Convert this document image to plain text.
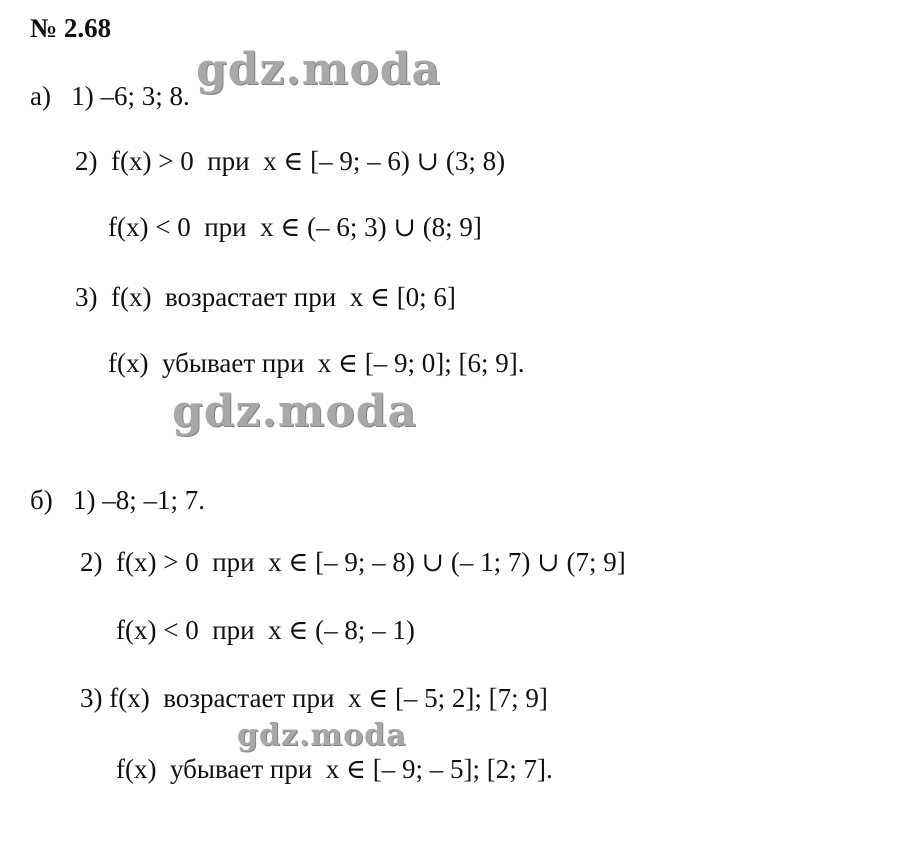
№ 2.68
gdz.moda
а)   1) –6; 3; 8.
2)  f(x) > 0  при  x ∈ [– 9; – 6) ∪ (3; 8)
f(x) < 0  при  x ∈ (– 6; 3) ∪ (8; 9]
3)  f(x)  возрастает при  x ∈ [0; 6]
f(x)  убывает при  x ∈ [– 9; 0]; [6; 9].
gdz.moda
б)   1) –8; –1; 7.
2)  f(x) > 0  при  x ∈ [– 9; – 8) ∪ (– 1; 7) ∪ (7; 9]
f(x) < 0  при  x ∈ (– 8; – 1)
3) f(x)  возрастает при  x ∈ [– 5; 2]; [7; 9]
gdz.moda
f(x)  убывает при  x ∈ [– 9; – 5]; [2; 7].
